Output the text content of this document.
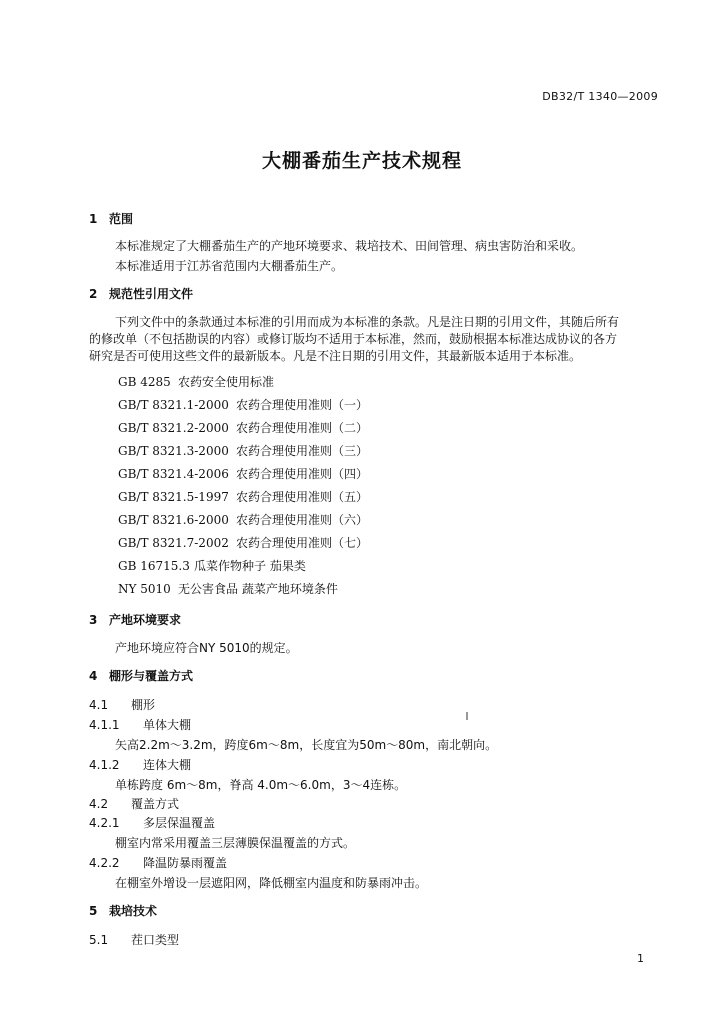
DB32/T 1340—2009
大棚番茄生产技术规程
1 范围
本标准规定了大棚番茄生产的产地环境要求、栽培技术、田间管理、病虫害防治和采收。
本标准适用于江苏省范围内大棚番茄生产。
2 规范性引用文件
下列文件中的条款通过本标准的引用而成为本标准的条款。凡是注日期的引用文件，其随后所有
的修改单（不包括勘误的内容）或修订版均不适用于本标准，然而，鼓励根据本标准达成协议的各方
研究是否可使用这些文件的最新版本。凡是不注日期的引用文件，其最新版本适用于本标准。
GB 4285 农药安全使用标准
GB/T 8321.1-2000 农药合理使用准则（一）
GB/T 8321.2-2000 农药合理使用准则（二）
GB/T 8321.3-2000 农药合理使用准则（三）
GB/T 8321.4-2006 农药合理使用准则（四）
GB/T 8321.5-1997 农药合理使用准则（五）
GB/T 8321.6-2000 农药合理使用准则（六）
GB/T 8321.7-2002 农药合理使用准则（七）
GB 16715.3 瓜菜作物种子 茄果类
NY 5010 无公害食品 蔬菜产地环境条件
3 产地环境要求
产地环境应符合NY 5010的规定。
4 棚形与覆盖方式
4.1 棚形
4.1.1 单体大棚
矢高2.2m～3.2m，跨度6m～8m，长度宜为50m～80m，南北朝向。
4.1.2 连体大棚
单栋跨度 6m～8m，脊高 4.0m～6.0m，3～4连栋。
4.2 覆盖方式
4.2.1 多层保温覆盖
棚室内常采用覆盖三层薄膜保温覆盖的方式。
4.2.2 降温防暴雨覆盖
在棚室外增设一层遮阳网，降低棚室内温度和防暴雨冲击。
5 栽培技术
5.1 茬口类型
1
